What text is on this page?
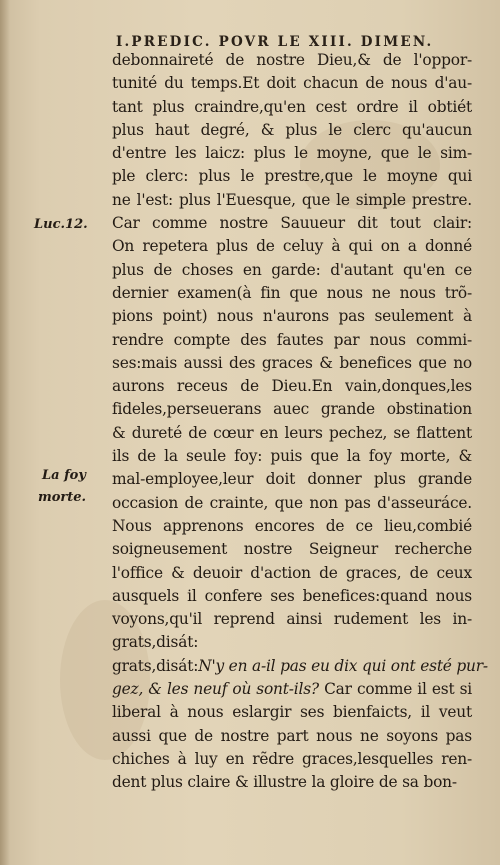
I.PREDIC. POVR LE XIII. DIMEN.
Luc.12.
La foy
morte.
debonnaireté de nostre Dieu,& de l'oppor-
tunité du temps.Et doit chacun de nous d'au-
tant plus craindre,qu'en cest ordre il obtiét
plus haut degré, & plus le clerc qu'aucun
d'entre les laicz: plus le moyne, que le sim-
ple clerc: plus le prestre,que le moyne qui
ne l'est: plus l'Euesque, que le simple prestre.
Car comme nostre Sauueur dit tout clair:
On repetera plus de celuy à qui on a donné
plus de choses en garde: d'autant qu'en ce
dernier examen(à fin que nous ne nous trõ-
pions point) nous n'aurons pas seulement à
rendre compte des fautes par nous commi-
ses:mais aussi des graces & benefices que no
aurons receus de Dieu.En vain,donques,les
fideles,perseuerans auec grande obstination
& dureté de cœur en leurs pechez, se flattent
ils de la seule foy: puis que la foy morte, &
mal-employee,leur doit donner plus grande
occasion de crainte, que non pas d'asseuráce.
Nous apprenons encores de ce lieu,combié
soigneusement nostre Seigneur recherche
l'office & deuoir d'action de graces, de ceux
ausquels il confere ses benefices:quand nous
voyons,qu'il reprend ainsi rudement les in-
grats,disát:
grats,disát:N'y en a-il pas eu dix qui ont esté pur-
gez, & les neuf où sont-ils? Car comme il est si
liberal à nous eslargir ses bienfaicts, il veut
aussi que de nostre part nous ne soyons pas
chiches à luy en rẽdre graces,lesquelles ren-
dent plus claire & illustre la gloire de sa bon-
